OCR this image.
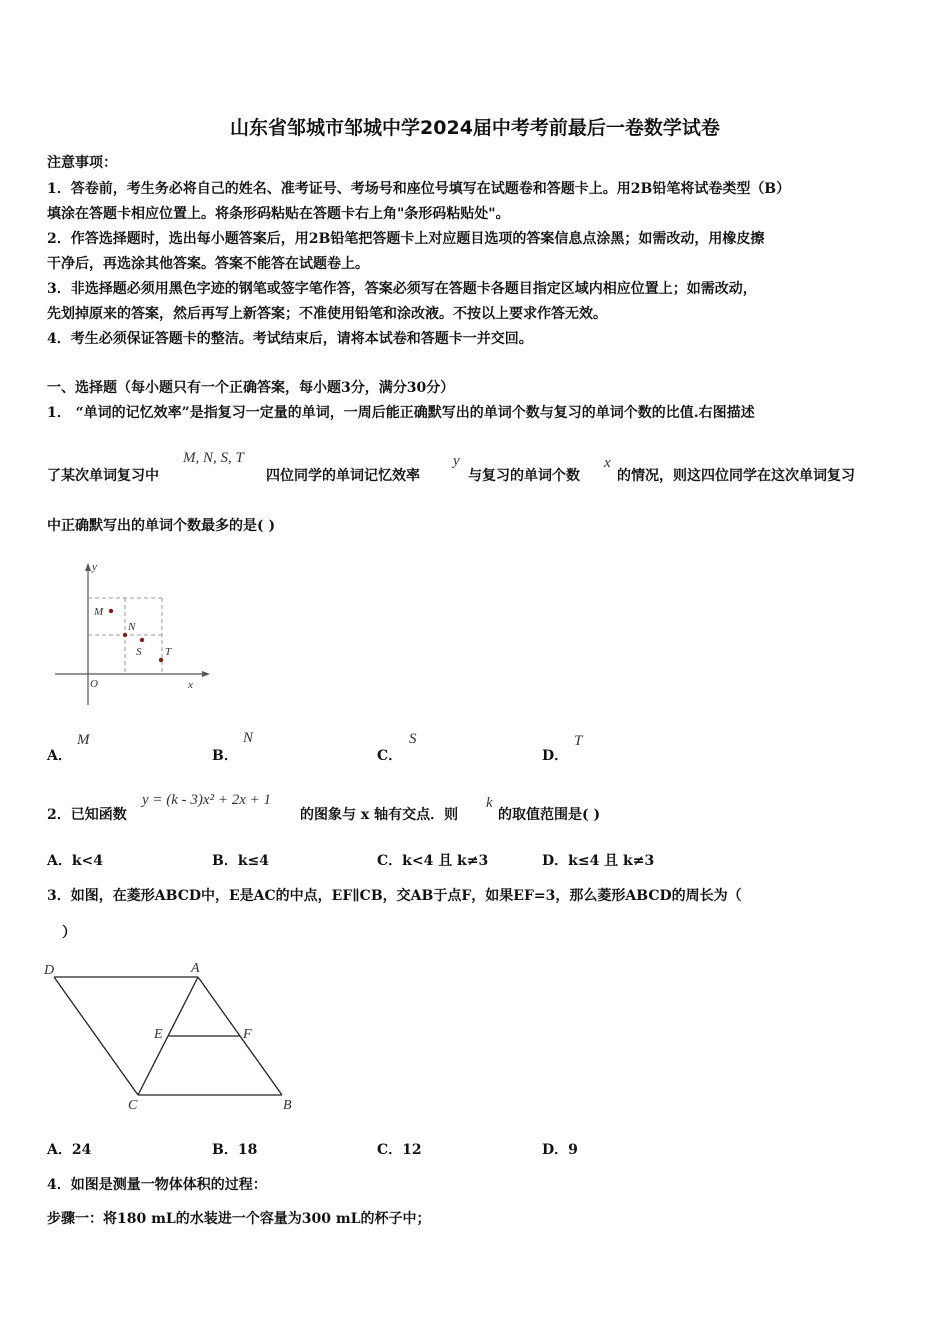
山东省邹城市邹城中学2024届中考考前最后一卷数学试卷
注意事项：
1．答卷前，考生务必将自己的姓名、准考证号、考场号和座位号填写在试题卷和答题卡上。用2B铅笔将试卷类型（B）
填涂在答题卡相应位置上。将条形码粘贴在答题卡右上角"条形码粘贴处"。
2．作答选择题时，选出每小题答案后，用2B铅笔把答题卡上对应题目选项的答案信息点涂黑；如需改动，用橡皮擦
干净后，再选涂其他答案。答案不能答在试题卷上。
3．非选择题必须用黑色字迹的钢笔或签字笔作答，答案必须写在答题卡各题目指定区域内相应位置上；如需改动，
先划掉原来的答案，然后再写上新答案；不准使用铅笔和涂改液。不按以上要求作答无效。
4．考生必须保证答题卡的整洁。考试结束后，请将本试卷和答题卡一并交回。
一、选择题（每小题只有一个正确答案，每小题3分，满分30分）
1． “单词的记忆效率”是指复习一定量的单词，一周后能正确默写出的单词个数与复习的单词个数的比值.右图描述
了某次单词复习中
M, N, S, T
四位同学的单词记忆效率
y
与复习的单词个数
x
的情况，则这四位同学在这次单词复习
中正确默写出的单词个数最多的是( )
y
x
O
M
N
S T
A．
M
B．
N
C．
S
D．
T
2．已知函数
y = (k - 3)x² + 2x + 1
的图象与 x 轴有交点．则
k
的取值范围是( )
A．k<4	B．k≤4	C．k<4 且 k≠3	D．k≤4 且 k≠3
3．如图，在菱形ABCD中，E是AC的中点，EF∥CB，交AB于点F，如果EF=3，那么菱形ABCD的周长为（
）
D	A
E	F
C	B
A．24	B．18	C．12	D．9
4．如图是测量一物体体积的过程：
步骤一：将180 mL的水装进一个容量为300 mL的杯子中；
